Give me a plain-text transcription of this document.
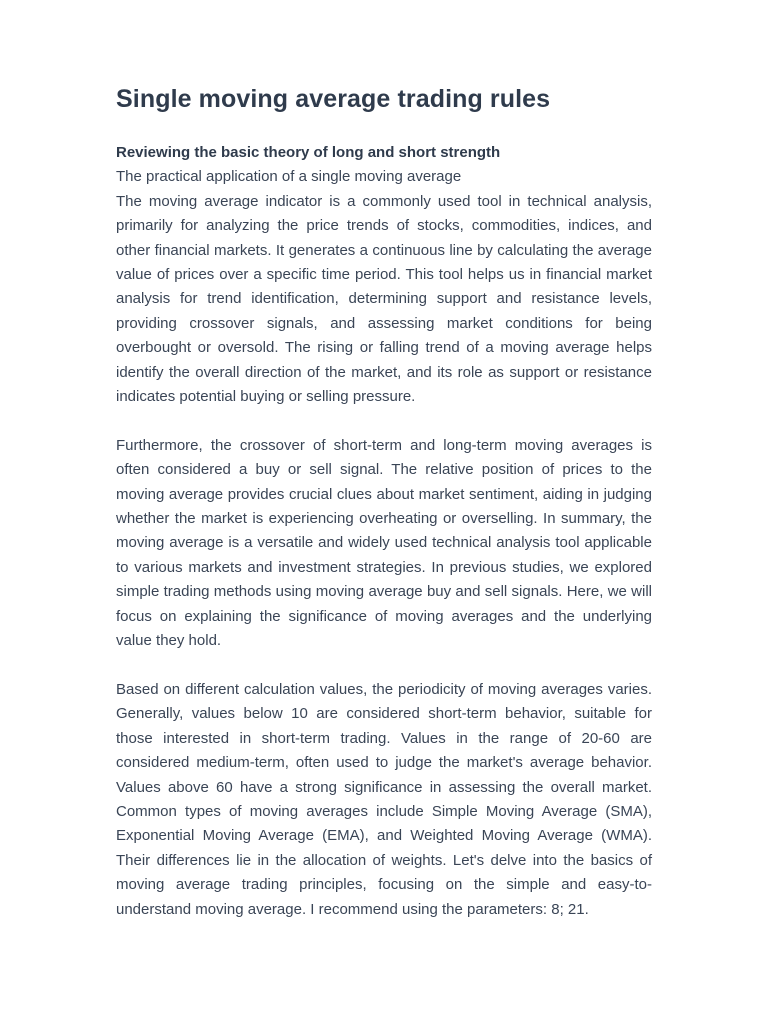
Single moving average trading rules

Reviewing the basic theory of long and short strength

The practical application of a single moving average

The moving average indicator is a commonly used tool in technical analysis, primarily for analyzing the price trends of stocks, commodities, indices, and other financial markets. It generates a continuous line by calculating the average value of prices over a specific time period. This tool helps us in financial market analysis for trend identification, determining support and resistance levels, providing crossover signals, and assessing market conditions for being overbought or oversold. The rising or falling trend of a moving average helps identify the overall direction of the market, and its role as support or resistance indicates potential buying or selling pressure.

Furthermore, the crossover of short-term and long-term moving averages is often considered a buy or sell signal. The relative position of prices to the moving average provides crucial clues about market sentiment, aiding in judging whether the market is experiencing overheating or overselling. In summary, the moving average is a versatile and widely used technical analysis tool applicable to various markets and investment strategies. In previous studies, we explored simple trading methods using moving average buy and sell signals. Here, we will focus on explaining the significance of moving averages and the underlying value they hold.

Based on different calculation values, the periodicity of moving averages varies. Generally, values below 10 are considered short-term behavior, suitable for those interested in short-term trading. Values in the range of 20-60 are considered medium-term, often used to judge the market's average behavior. Values above 60 have a strong significance in assessing the overall market. Common types of moving averages include Simple Moving Average (SMA), Exponential Moving Average (EMA), and Weighted Moving Average (WMA). Their differences lie in the allocation of weights. Let's delve into the basics of moving average trading principles, focusing on the simple and easy-to-understand moving average. I recommend using the parameters: 8; 21.
